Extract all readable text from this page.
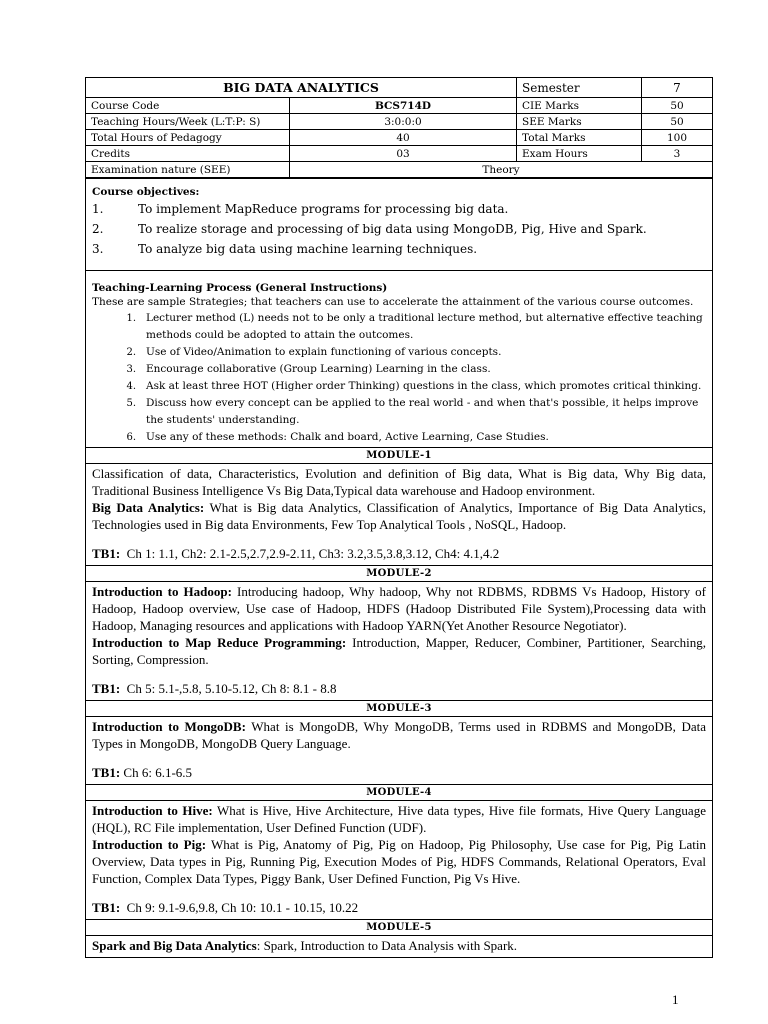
BIG DATA ANALYTICS		Semester	7
Course Code	BCS714D	CIE Marks	50
Teaching Hours/Week (L:T:P: S)	3:0:0:0	SEE Marks	50
Total Hours of Pedagogy	40	Total Marks	100
Credits	03	Exam Hours	3
Examination nature (SEE)	Theory		
Course objectives:
1.	To implement MapReduce programs for processing big data.
2.	To realize storage and processing of big data using MongoDB, Pig, Hive and Spark.
3.	To analyze big data using machine learning techniques.
Teaching-Learning Process (General Instructions)
These are sample Strategies; that teachers can use to accelerate the attainment of the various course outcomes.
1. Lecturer method (L) needs not to be only a traditional lecture method, but alternative effective teaching methods could be adopted to attain the outcomes.
2. Use of Video/Animation to explain functioning of various concepts.
3. Encourage collaborative (Group Learning) Learning in the class.
4. Ask at least three HOT (Higher order Thinking) questions in the class, which promotes critical thinking.
5. Discuss how every concept can be applied to the real world - and when that's possible, it helps improve the students' understanding.
6. Use any of these methods: Chalk and board, Active Learning, Case Studies.
MODULE-1

Classification of data, Characteristics, Evolution and definition of Big data, What is Big data, Why Big data, Traditional Business Intelligence Vs Big Data,Typical data warehouse and Hadoop environment.

Big Data Analytics: What is Big data Analytics, Classification of Analytics, Importance of Big Data Analytics, Technologies used in Big data Environments, Few Top Analytical Tools , NoSQL, Hadoop.

TB1:  Ch 1: 1.1, Ch2: 2.1-2.5,2.7,2.9-2.11, Ch3: 3.2,3.5,3.8,3.12, Ch4: 4.1,4.2

MODULE-2

Introduction to Hadoop: Introducing hadoop, Why hadoop, Why not RDBMS, RDBMS Vs Hadoop, History of Hadoop, Hadoop overview, Use case of Hadoop, HDFS (Hadoop Distributed File System),Processing data with Hadoop, Managing resources and applications with Hadoop YARN(Yet Another Resource Negotiator).

Introduction to Map Reduce Programming: Introduction, Mapper, Reducer, Combiner, Partitioner, Searching, Sorting, Compression.

TB1:  Ch 5: 5.1-,5.8, 5.10-5.12, Ch 8: 8.1 - 8.8

MODULE-3

Introduction to MongoDB: What is MongoDB, Why MongoDB, Terms used in RDBMS and MongoDB, Data Types in MongoDB, MongoDB Query Language.

TB1: Ch 6: 6.1-6.5

MODULE-4

Introduction to Hive: What is Hive, Hive Architecture, Hive data types, Hive file formats, Hive Query Language (HQL), RC File implementation, User Defined Function (UDF).

Introduction to Pig: What is Pig, Anatomy of Pig, Pig on Hadoop, Pig Philosophy, Use case for Pig, Pig Latin Overview, Data types in Pig, Running Pig, Execution Modes of Pig, HDFS Commands, Relational Operators, Eval Function, Complex Data Types, Piggy Bank, User Defined Function, Pig Vs Hive.

TB1:  Ch 9: 9.1-9.6,9.8, Ch 10: 10.1 - 10.15, 10.22

MODULE-5

Spark and Big Data Analytics: Spark, Introduction to Data Analysis with Spark.

1
